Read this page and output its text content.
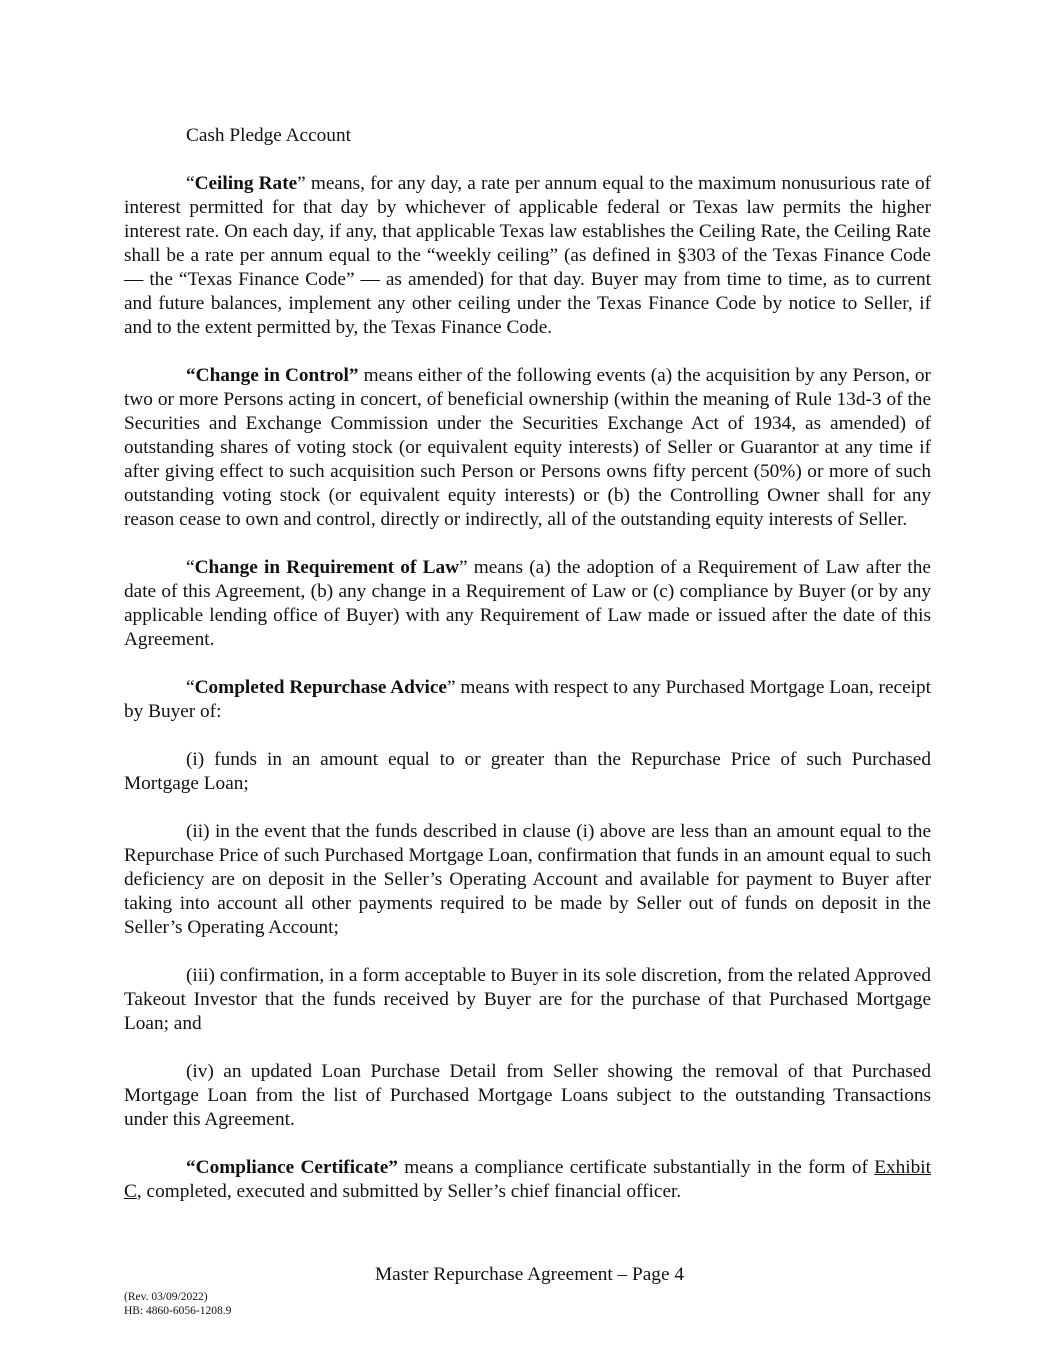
Cash Pledge Account

“Ceiling Rate” means, for any day, a rate per annum equal to the maximum nonusurious rate of interest permitted for that day by whichever of applicable federal or Texas law permits the higher interest rate. On each day, if any, that applicable Texas law establishes the Ceiling Rate, the Ceiling Rate shall be a rate per annum equal to the “weekly ceiling” (as defined in §303 of the Texas Finance Code — the “Texas Finance Code” — as amended) for that day. Buyer may from time to time, as to current and future balances, implement any other ceiling under the Texas Finance Code by notice to Seller, if and to the extent permitted by, the Texas Finance Code.

“Change in Control” means either of the following events (a) the acquisition by any Person, or two or more Persons acting in concert, of beneficial ownership (within the meaning of Rule 13d-3 of the Securities and Exchange Commission under the Securities Exchange Act of 1934, as amended) of outstanding shares of voting stock (or equivalent equity interests) of Seller or Guarantor at any time if after giving effect to such acquisition such Person or Persons owns fifty percent (50%) or more of such outstanding voting stock (or equivalent equity interests) or (b) the Controlling Owner shall for any reason cease to own and control, directly or indirectly, all of the outstanding equity interests of Seller.

“Change in Requirement of Law” means (a) the adoption of a Requirement of Law after the date of this Agreement, (b) any change in a Requirement of Law or (c) compliance by Buyer (or by any applicable lending office of Buyer) with any Requirement of Law made or issued after the date of this Agreement.

“Completed Repurchase Advice” means with respect to any Purchased Mortgage Loan, receipt by Buyer of:

(i) funds in an amount equal to or greater than the Repurchase Price of such Purchased Mortgage Loan;

(ii) in the event that the funds described in clause (i) above are less than an amount equal to the Repurchase Price of such Purchased Mortgage Loan, confirmation that funds in an amount equal to such deficiency are on deposit in the Seller’s Operating Account and available for payment to Buyer after taking into account all other payments required to be made by Seller out of funds on deposit in the Seller’s Operating Account;

(iii) confirmation, in a form acceptable to Buyer in its sole discretion, from the related Approved Takeout Investor that the funds received by Buyer are for the purchase of that Purchased Mortgage Loan; and

(iv) an updated Loan Purchase Detail from Seller showing the removal of that Purchased Mortgage Loan from the list of Purchased Mortgage Loans subject to the outstanding Transactions under this Agreement.

“Compliance Certificate” means a compliance certificate substantially in the form of Exhibit C, completed, executed and submitted by Seller’s chief financial officer.

Master Repurchase Agreement – Page 4
(Rev. 03/09/2022)
HB: 4860-6056-1208.9
